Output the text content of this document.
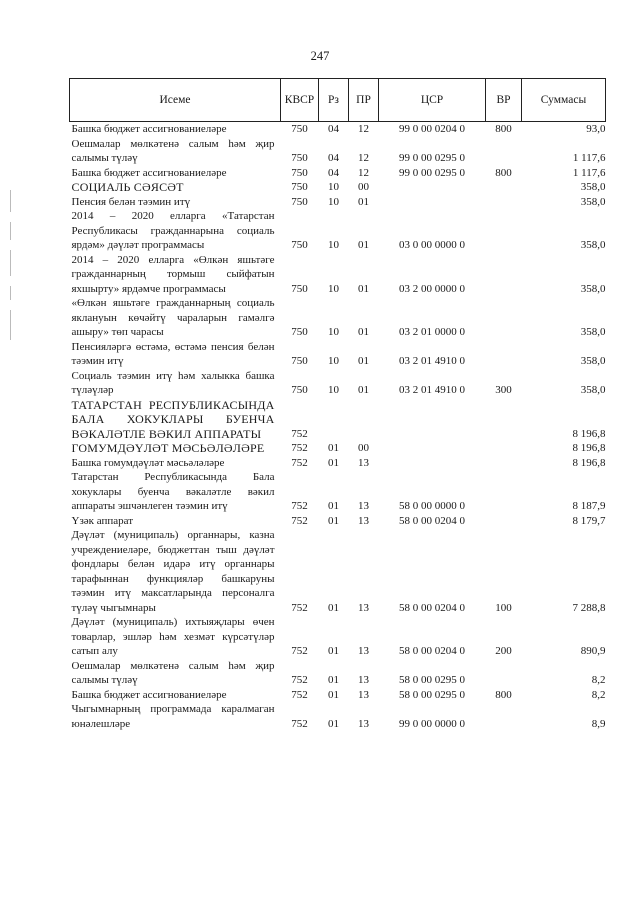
247
Исеме	КВСР	Рз	ПР	ЦСР	ВР	Суммасы
Башка бюджет ассигнованиеләре	750	04	12	99 0 00 0204 0	800	93,0
Оешмалар мөлкәтенә салым һәм җир салымы түләү	750	04	12	99 0 00 0295 0		1 117,6
Башка бюджет ассигнованиеләре	750	04	12	99 0 00 0295 0	800	1 117,6
СОЦИАЛЬ СӘЯСӘТ	750	10	00			358,0
Пенсия белән тәэмин итү	750	10	01			358,0
2014 – 2020 елларга «Татарстан Республикасы гражданнарына социаль ярдәм» дәүләт программасы	750	10	01	03 0 00 0000 0		358,0
2014 – 2020 елларга «Өлкән яшьтәге гражданнарның тормыш сыйфатын яхшырту» ярдәмче программасы	750	10	01	03 2 00 0000 0		358,0
«Өлкән яшьтәге гражданнарның социаль яклануын көчәйтү чараларын гамәлгә ашыру» төп чарасы	750	10	01	03 2 01 0000 0		358,0
Пенсияләргә өстәмә, өстәмә пенсия белән тәэмин итү	750	10	01	03 2 01 4910 0		358,0
Социаль тәэмин итү һәм халыкка башка түләүләр	750	10	01	03 2 01 4910 0	300	358,0
ТАТАРСТАН РЕСПУБЛИКАСЫНДА БАЛА ХОКУКЛАРЫ БУЕНЧА ВӘКАЛӘТЛЕ ВӘКИЛ АППАРАТЫ	752					8 196,8
ГОМУМДӘҮЛӘТ МӘСЬӘЛӘЛӘРЕ	752	01	00			8 196,8
Башка гомумдәүләт мәсьәләләре	752	01	13			8 196,8
Татарстан Республикасында Бала хокуклары буенча вәкаләтле вәкил аппараты эшчәнлеген тәэмин итү	752	01	13	58 0 00 0000 0		8 187,9
Үзәк аппарат	752	01	13	58 0 00 0204 0		8 179,7
Дәүләт (муниципаль) органнары, казна учреждениеләре, бюджеттан тыш дәүләт фондлары белән идарә итү органнары тарафыннан функцияләр башкаруны тәэмин итү максатларында персоналга түләү чыгымнары	752	01	13	58 0 00 0204 0	100	7 288,8
Дәүләт (муниципаль) ихтыяҗлары өчен товарлар, эшләр һәм хезмәт күрсәтүләр сатып алу	752	01	13	58 0 00 0204 0	200	890,9
Оешмалар мөлкәтенә салым һәм җир салымы түләү	752	01	13	58 0 00 0295 0		8,2
Башка бюджет ассигнованиеләре	752	01	13	58 0 00 0295 0	800	8,2
Чыгымнарның программада каралмаган юнәлешләре	752	01	13	99 0 00 0000 0		8,9
